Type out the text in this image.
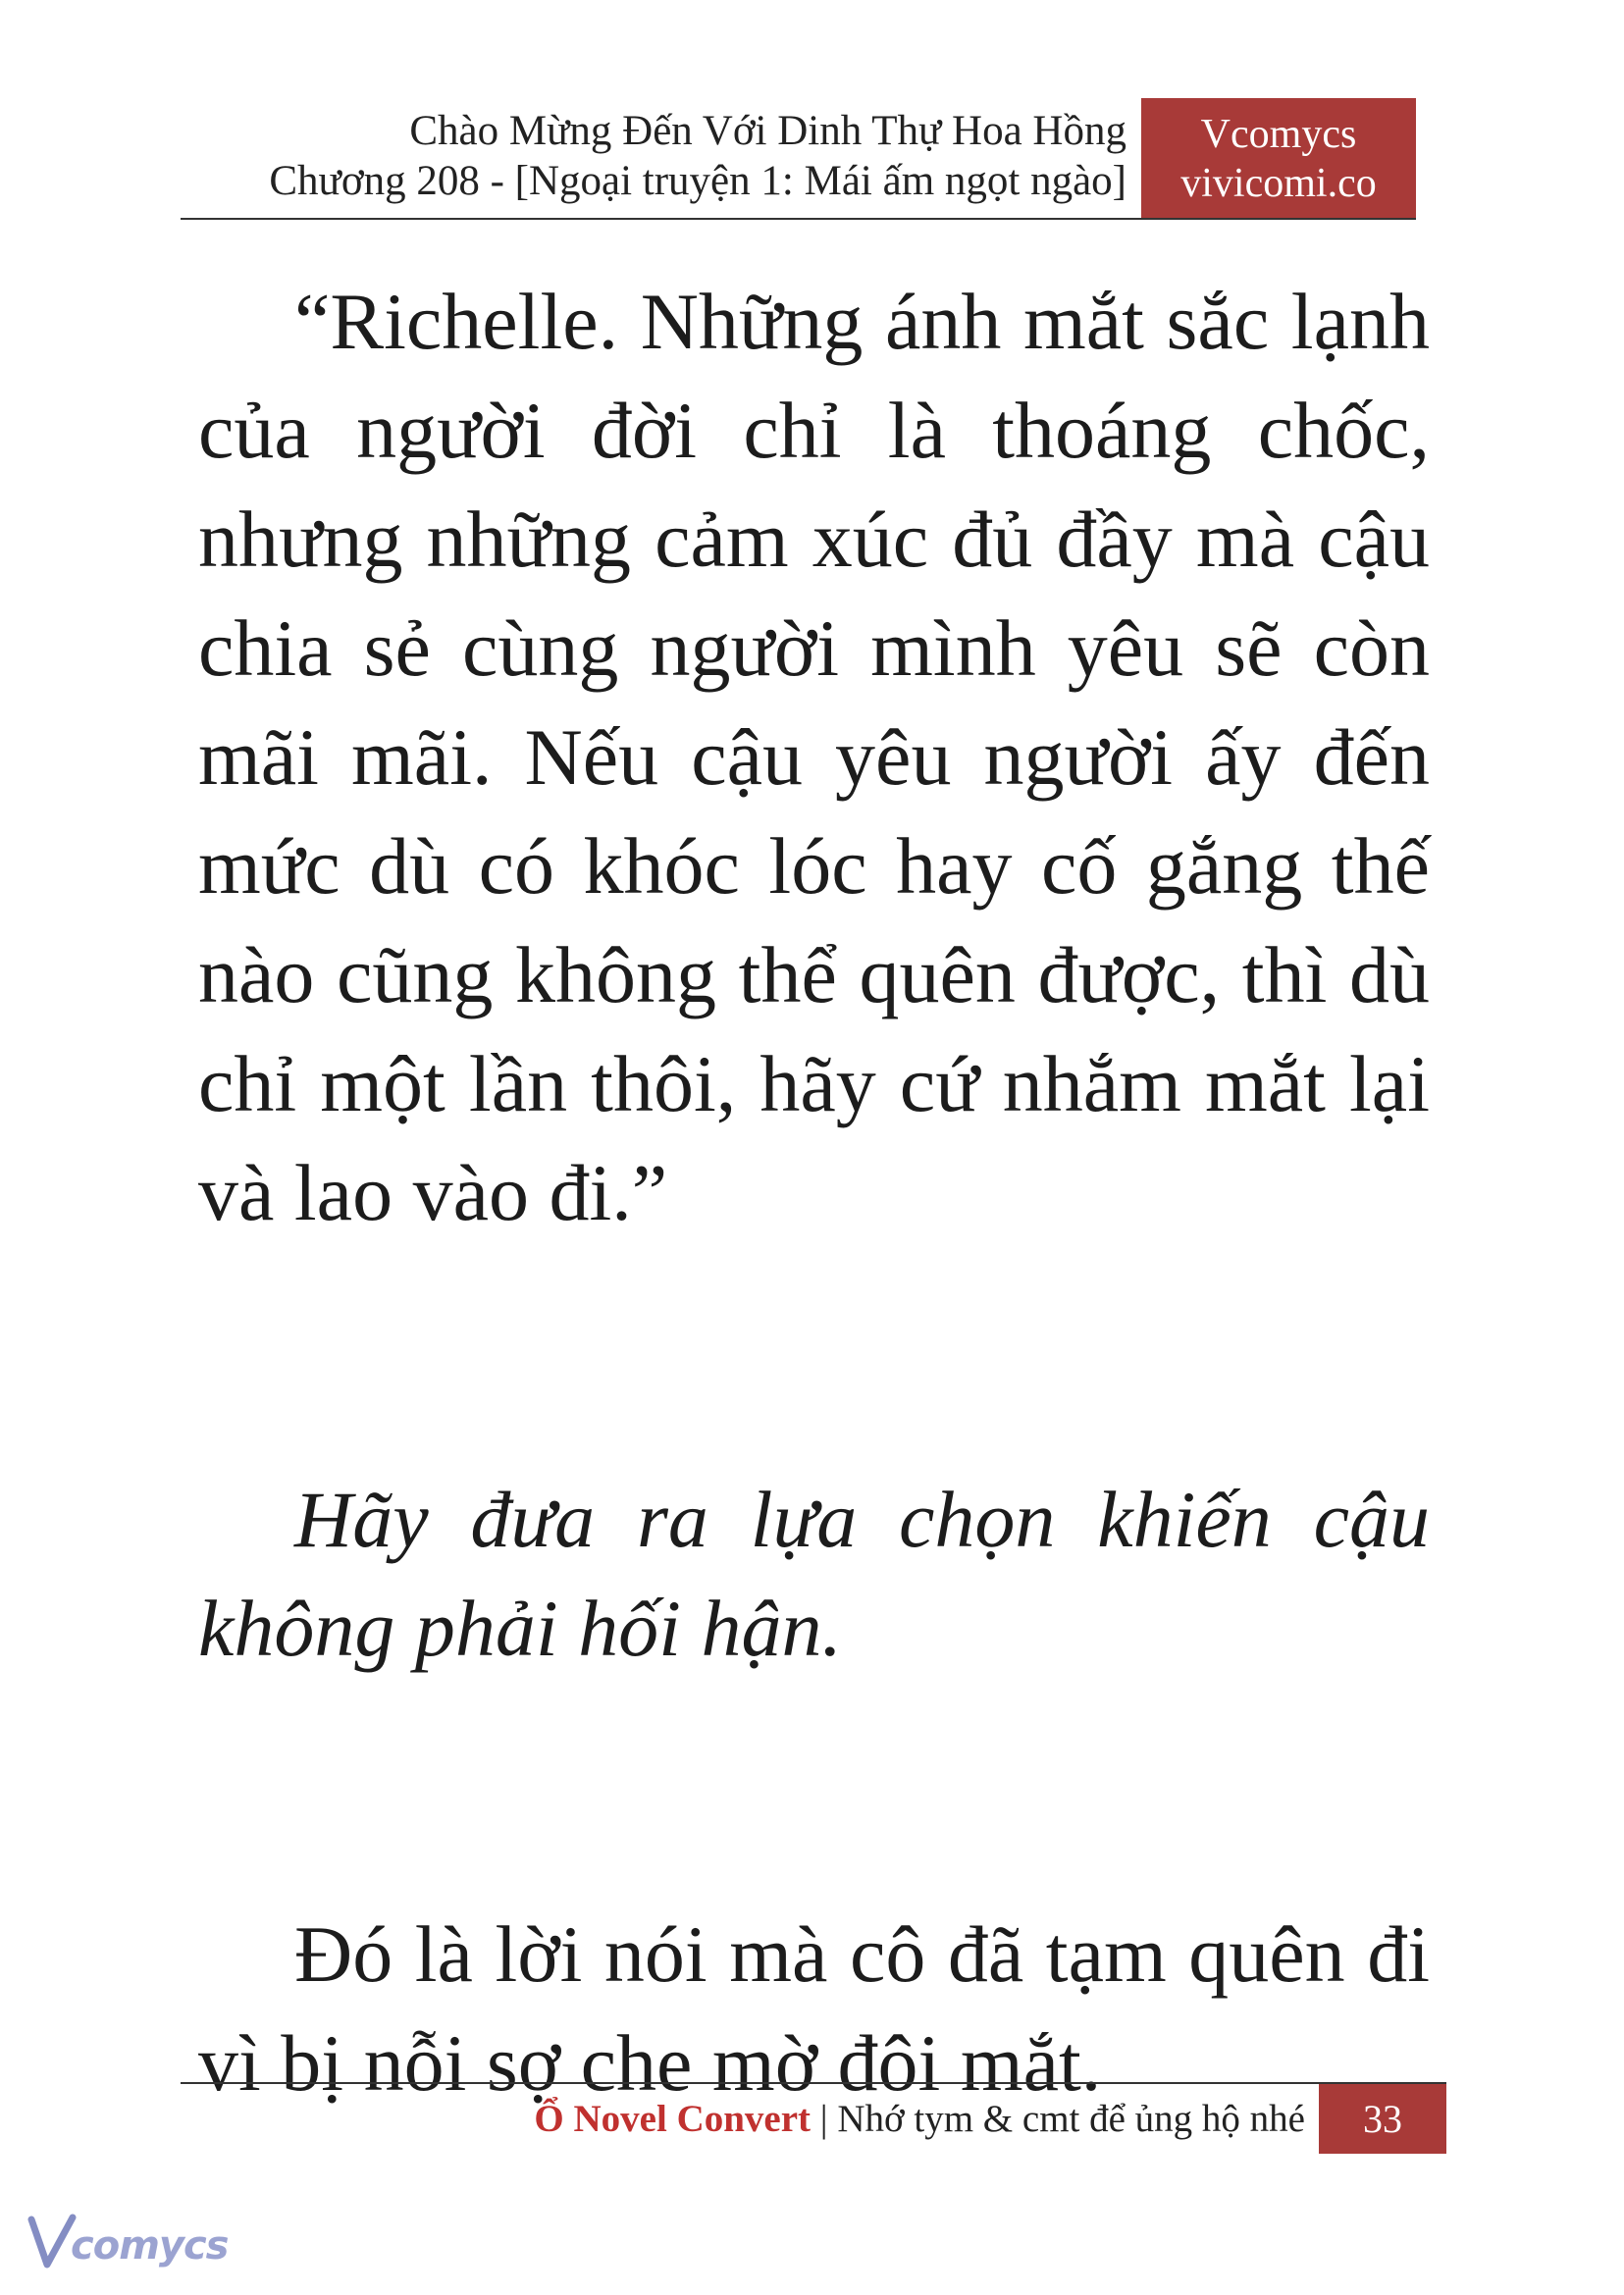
Chào Mừng Đến Với Dinh Thự Hoa Hồng
Chương 208 - [Ngoại truyện 1: Mái ấm ngọt ngào]
Vcomycs
vivicomi.co

“Richelle. Những ánh mắt sắc lạnh của người đời chỉ là thoáng chốc, nhưng những cảm xúc đủ đầy mà cậu chia sẻ cùng người mình yêu sẽ còn mãi mãi. Nếu cậu yêu người ấy đến mức dù có khóc lóc hay cố gắng thế nào cũng không thể quên được, thì dù chỉ một lần thôi, hãy cứ nhắm mắt lại và lao vào đi.”

Hãy đưa ra lựa chọn khiến cậu không phải hối hận.

Đó là lời nói mà cô đã tạm quên đi vì bị nỗi sợ che mờ đôi mắt.

Ổ Novel Convert | Nhớ tym & cmt để ủng hộ nhé	33
comycs
